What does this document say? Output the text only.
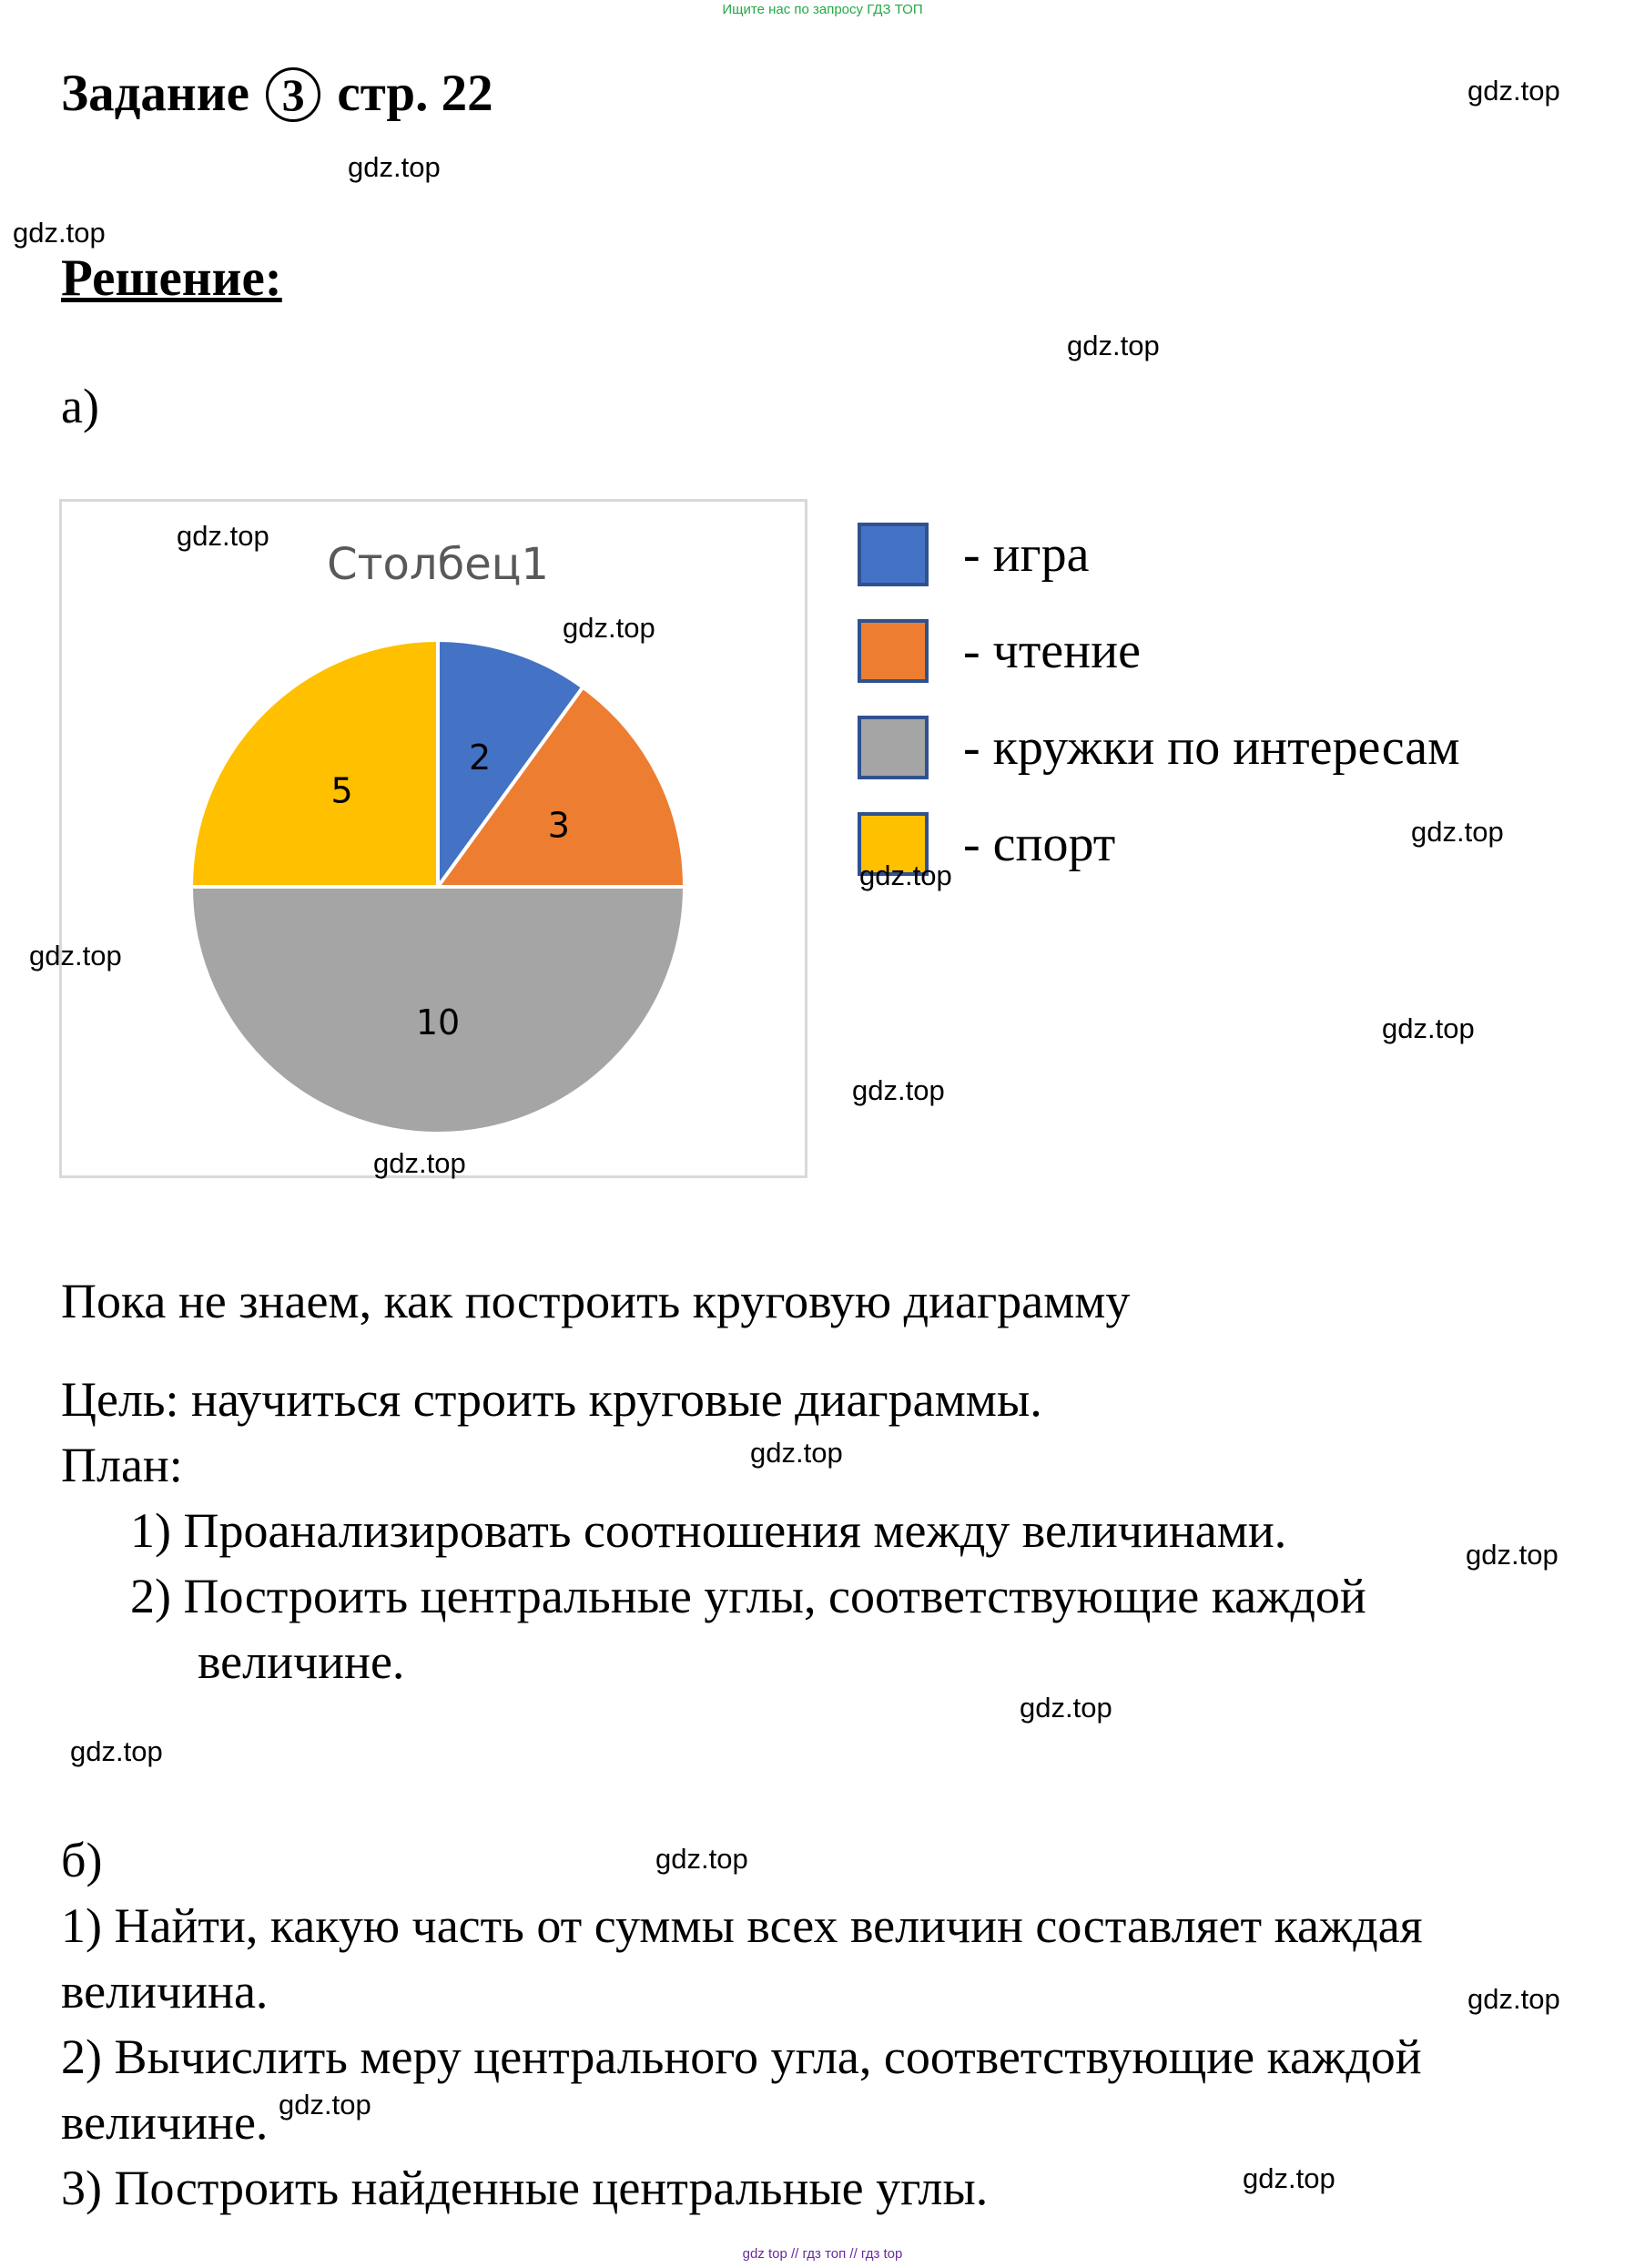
Ищите нас по запросу ГДЗ ТОП
Задание 3 стр. 22
Решение:
а)
Столбец1
2
3
10
5
- игра
- чтение
- кружки по интересам
- спорт
Пока не знаем, как построить круговую диаграмму
Цель: научиться строить круговые диаграммы.
План:
1) Проанализировать соотношения между величинами.
2) Построить центральные углы, соответствующие каждой
величине.
б)
1) Найти, какую часть от суммы всех величин составляет каждая
величина.
2) Вычислить меру центрального угла, соответствующие каждой
величине.
3) Построить найденные центральные углы.
gdz.top
gdz.top
gdz.top
gdz.top
gdz.top
gdz.top
gdz.top
gdz.top
gdz.top
gdz.top
gdz.top
gdz.top
gdz.top
gdz.top
gdz.top
gdz.top
gdz.top
gdz.top
gdz.top
gdz.top
gdz top // гдз топ // гдз top
